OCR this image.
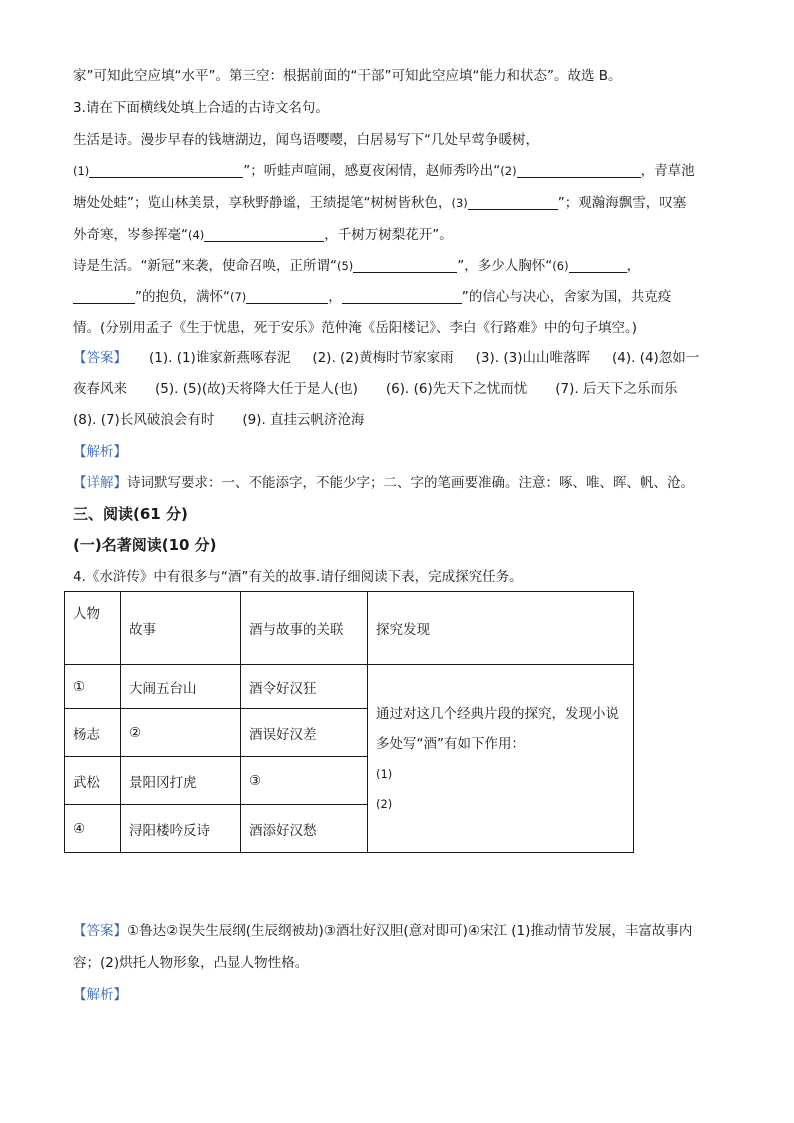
家”可知此空应填“水平”。第三空：根据前面的“干部”可知此空应填“能力和状态”。故选 B。
3.请在下面横线处填上合适的古诗文名句。
生活是诗。漫步早春的钱塘湖边，闻鸟语嘤嘤，白居易写下“几处早莺争暖树，
(1)	”；听蛙声喧闹，感夏夜闲情，赵师秀吟出“(2)	，青草池
塘处处蛙”；览山林美景，享秋野静谧，王绩提笔“树树皆秋色，(3)	”；观瀚海飘雪，叹塞
外奇寒，岑参挥毫“(4)	，千树万树梨花开”。
诗是生活。“新冠”来袭，使命召唤，正所谓“(5)	”，多少人胸怀“(6)	，
”的抱负，满怀“(7)	，	”的信心与决心，舍家为国，共克疫
情。(分别用孟子《生于忧患，死于安乐》范仲淹《岳阳楼记》、李白《行路难》中的句子填空。)
【答案】 (1). (1)谁家新燕啄春泥 (2). (2)黄梅时节家家雨 (3). (3)山山唯落晖 (4). (4)忽如一
夜春风来 (5). (5)(故)天将降大任于是人(也) (6). (6)先天下之忧而忧 (7). 后天下之乐而乐
(8). (7)长风破浪会有时 (9). 直挂云帆济沧海
【解析】
【详解】诗词默写要求：一、不能添字，不能少字；二、字的笔画要准确。注意：啄、唯、晖、帆、沧。
三、阅读(61 分)
(一)名著阅读(10 分)
4.《水浒传》中有很多与“酒”有关的故事.请仔细阅读下表，完成探究任务。
人物	故事	酒与故事的关联	探究发现
①	大闹五台山	酒令好汉狂	通过对这几个经典片段的探究，发现小说
多处写“酒”有如下作用：
(1)
(2)

杨志	②	酒误好汉差	
武松	景阳冈打虎	③	
④	浔阳楼吟反诗	酒添好汉愁	
【答案】①鲁达②误失生辰纲(生辰纲被劫)③酒壮好汉胆(意对即可)④宋江 (1)推动情节发展，丰富故事内
容；(2)烘托人物形象，凸显人物性格。
【解析】
